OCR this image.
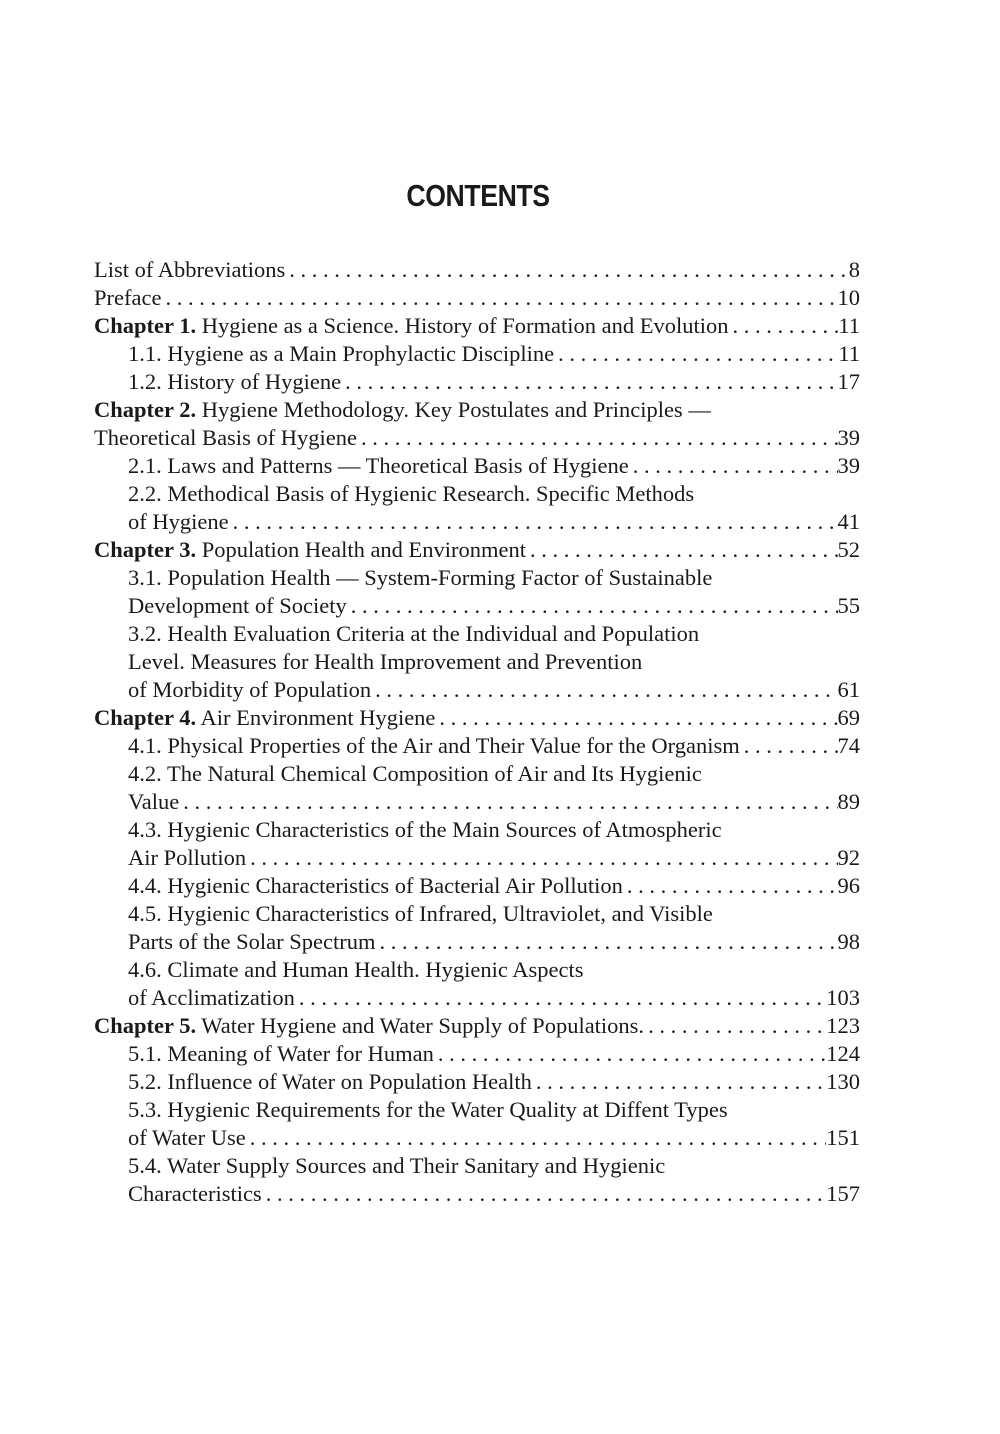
CONTENTS
List of Abbreviations . . .	8
Preface . . .	10
Chapter 1. Hygiene as a Science. History of Formation and Evolution . . .	11
1.1. Hygiene as a Main Prophylactic Discipline . . .	11
1.2. History of Hygiene . . .	17
Chapter 2. Hygiene Methodology. Key Postulates and Principles —
Theoretical Basis of Hygiene . . .	39
2.1. Laws and Patterns — Theoretical Basis of Hygiene . . .	39
2.2. Methodical Basis of Hygienic Research. Specific Methods
of Hygiene . . .	41
Chapter 3. Population Health and Environment . . .	52
3.1. Population Health — System-Forming Factor of Sustainable
Development of Society . . .	55
3.2. Health Evaluation Criteria at the Individual and Population
Level. Measures for Health Improvement and Prevention
of Morbidity of Population . . .	61
Chapter 4. Air Environment Hygiene . . .	69
4.1. Physical Properties of the Air and Their Value for the Organism . . .	74
4.2. The Natural Chemical Composition of Air and Its Hygienic
Value . . .	89
4.3. Hygienic Characteristics of the Main Sources of Atmospheric
Air Pollution . . .	92
4.4. Hygienic Characteristics of Bacterial Air Pollution . . .	96
4.5. Hygienic Characteristics of Infrared, Ultraviolet, and Visible
Parts of the Solar Spectrum . . .	98
4.6. Climate and Human Health. Hygienic Aspects
of Acclimatization . . .	103
Chapter 5. Water Hygiene and Water Supply of Populations. . . .	123
5.1. Meaning of Water for Human . . .	124
5.2. Influence of Water on Population Health . . .	130
5.3. Hygienic Requirements for the Water Quality at Diffent Types
of Water Use . . .	151
5.4. Water Supply Sources and Their Sanitary and Hygienic
Characteristics . . .	157
